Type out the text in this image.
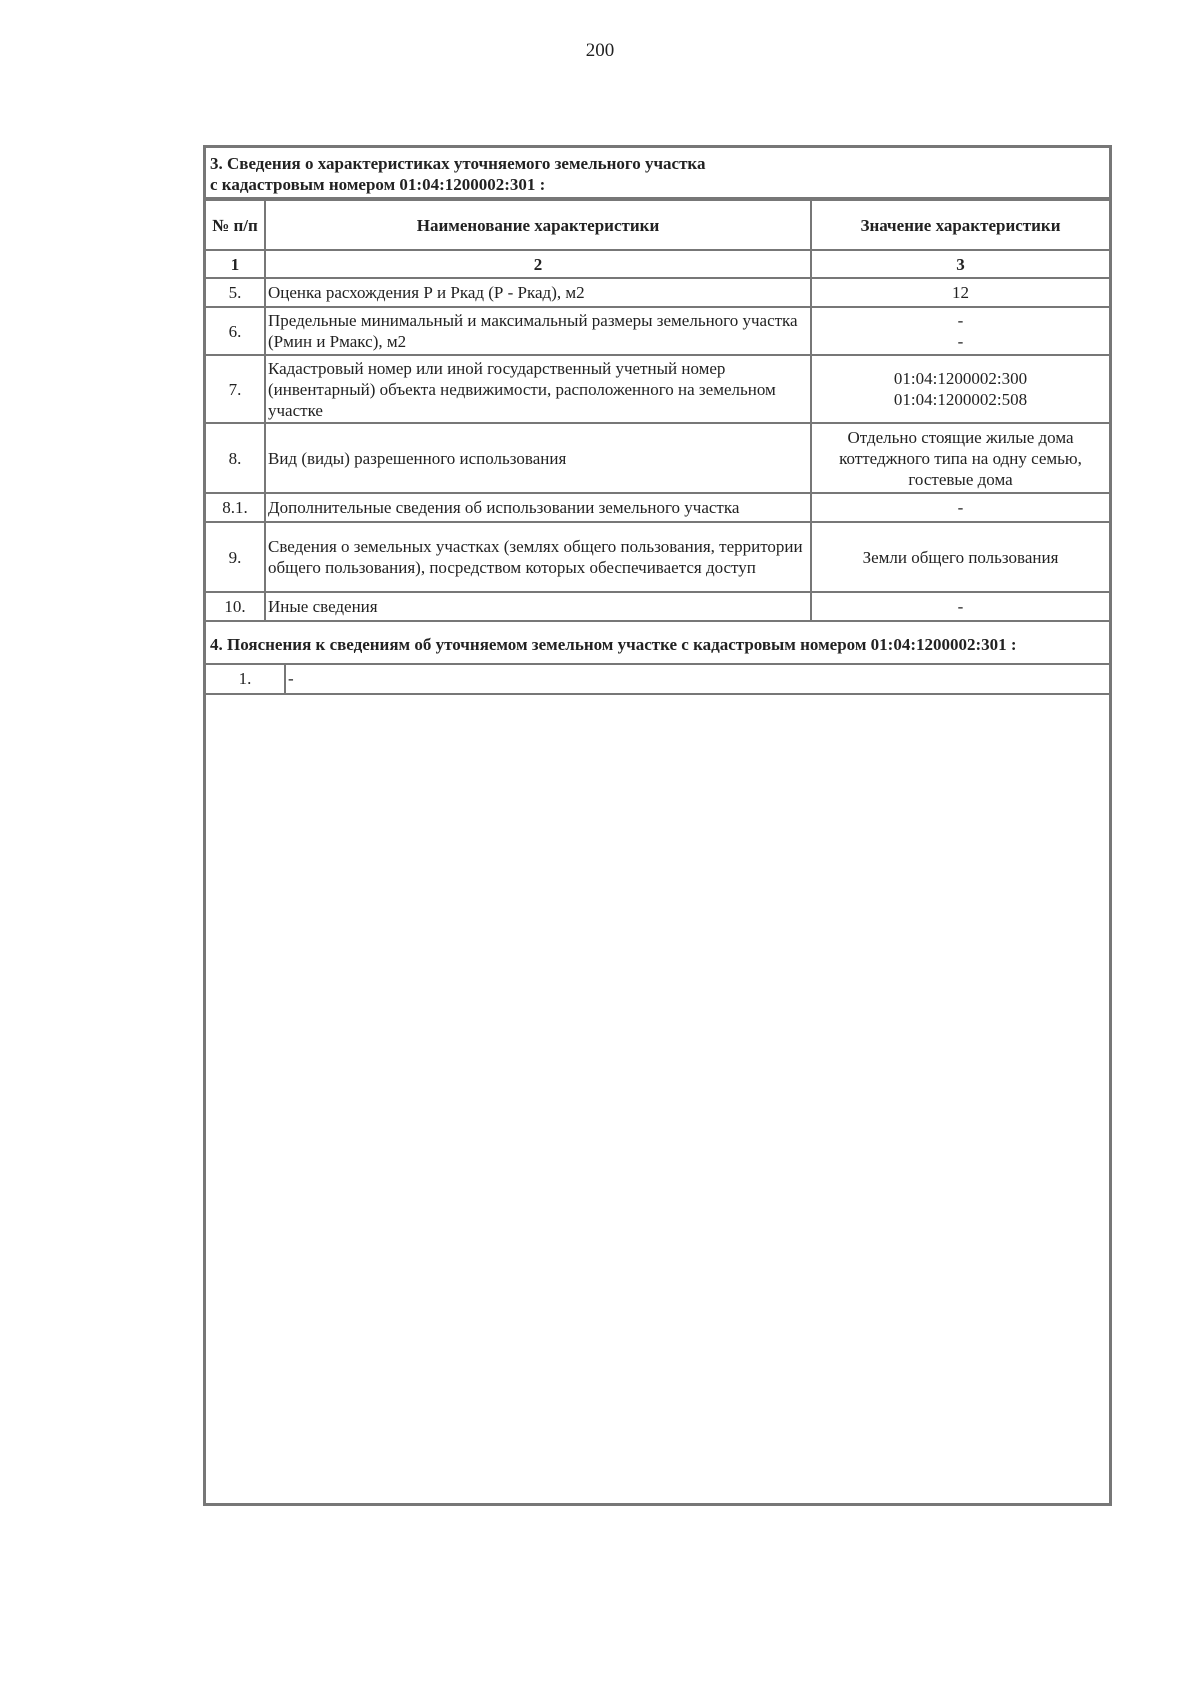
200
3. Сведения о характеристиках уточняемого земельного участка
с кадастровым номером 01:04:1200002:301 :
№ п/п	Наименование характеристики	Значение характеристики
1	2	3
5.	Оценка расхождения Р и Ркад (Р - Ркад), м2	12
6.	Предельные минимальный и максимальный размеры земельного участка (Рмин и Рмакс), м2	-
-

7.	Кадастровый номер или иной государственный учетный номер (инвентарный) объекта недвижимости, расположенного на земельном участке	01:04:1200002:300
01:04:1200002:508

8.	Вид (виды) разрешенного использования	Отдельно стоящие жилые дома коттеджного типа на одну семью, гостевые дома
8.1.	Дополнительные сведения об использовании земельного участка	-
9.	Сведения о земельных участках (землях общего пользования, территории общего пользования), посредством которых обеспечивается доступ	Земли общего пользования
10.	Иные сведения	-
4. Пояснения к сведениям об уточняемом земельном участке с кадастровым номером 01:04:1200002:301 :
1.	-
